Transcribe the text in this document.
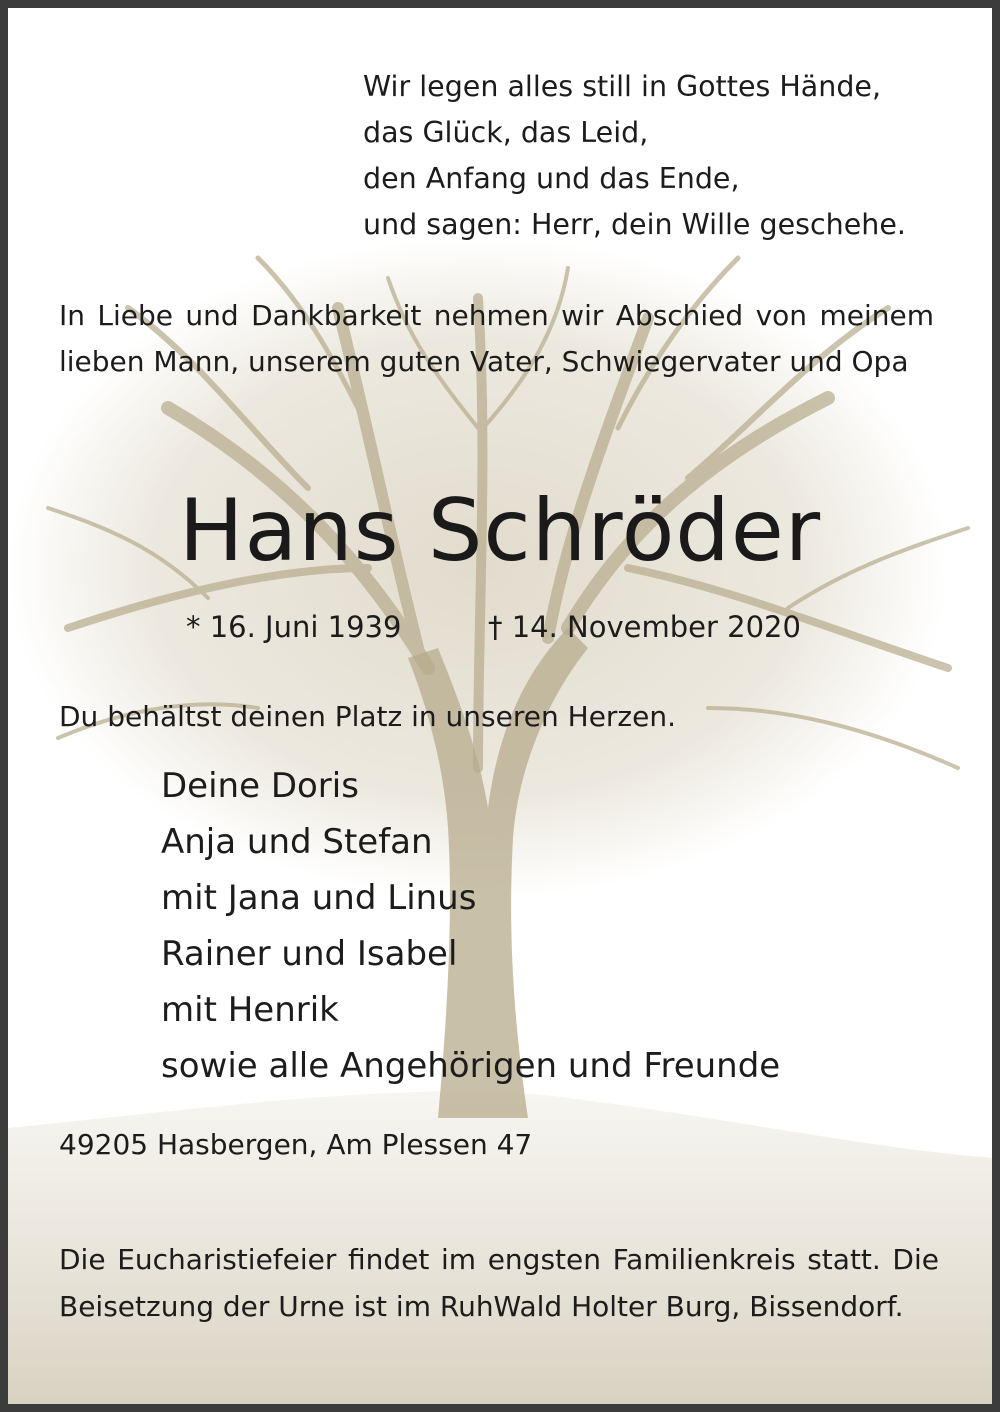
Wir legen alles still in Gottes Hände,
das Glück, das Leid,
den Anfang und das Ende,
und sagen: Herr, dein Wille geschehe.
In Liebe und Dankbarkeit nehmen wir Abschied von meinem lieben Mann, unserem guten Vater, Schwiegervater und Opa
Hans Schröder
* 16. Juni 1939	† 14. November 2020
Du behältst deinen Platz in unseren Herzen.
Deine Doris
Anja und Stefan
mit Jana und Linus
Rainer und Isabel
mit Henrik
sowie alle Angehörigen und Freunde
49205 Hasbergen, Am Plessen 47
Die Eucharistiefeier findet im engsten Familienkreis statt. Die Beisetzung der Urne ist im RuhWald Holter Burg, Bissendorf.
